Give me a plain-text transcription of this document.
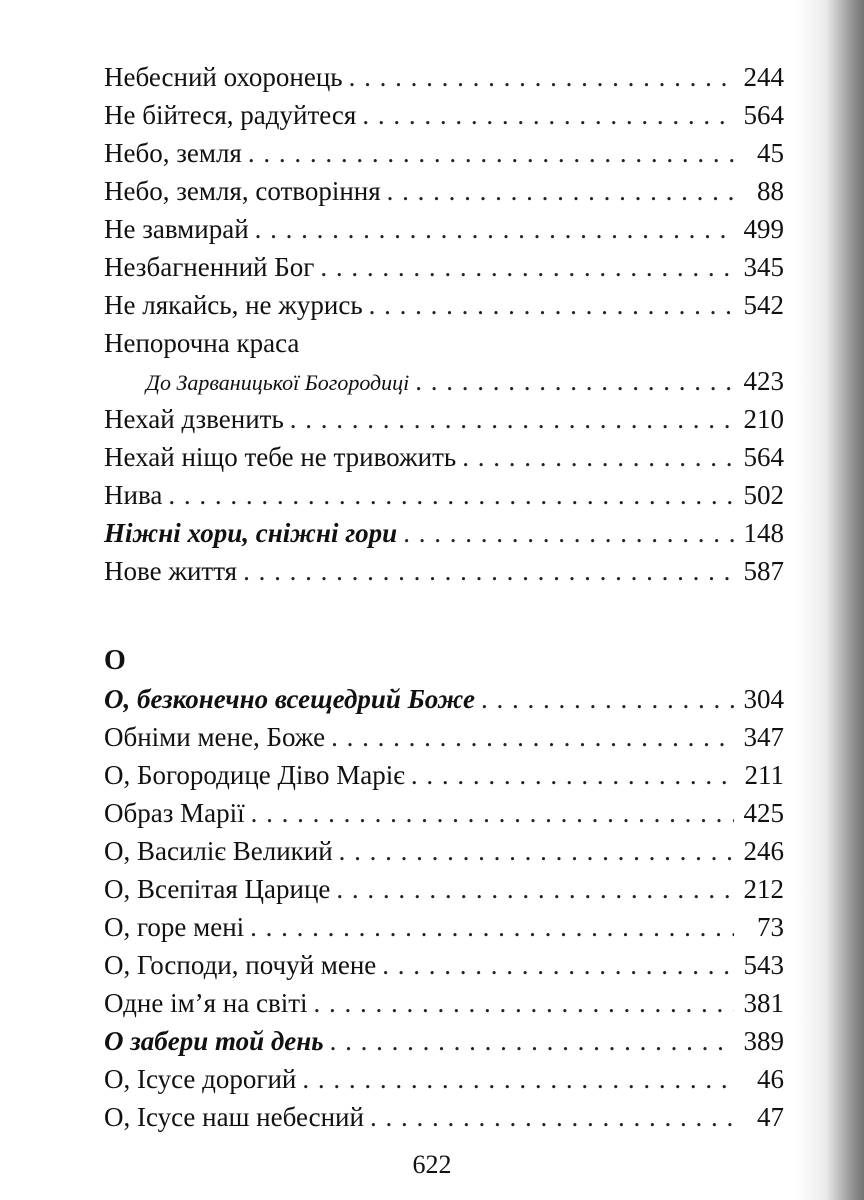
Небесний охоронець . . .	244
Не бійтеся, радуйтеся . . .	564
Небо, земля . . .	45
Небо, земля, сотворіння . . .	88
Не завмирай . . .	499
Незбагненний Бог . . .	345
Не лякайсь, не журись . . .	542
Непорочна краса
До Зарваницької Богородиці . . .	423
Нехай дзвенить . . .	210
Нехай ніщо тебе не тривожить . . .	564
Нива . . .	502
Ніжні хори, сніжні гори . . .	148
Нове життя . . .	587
О
О, безконечно всещедрий Боже . . .	304
Обніми мене, Боже . . .	347
О, Богородице Діво Маріє . . .	211
Образ Марії . . .	425
О, Василіє Великий . . .	246
О, Всепітая Царице . . .	212
О, горе мені . . .	73
О, Господи, почуй мене . . .	543
Одне ім’я на світі . . .	381
О забери той день . . .	389
О, Ісусе дорогий . . .	46
О, Ісусе наш небесний . . .	47
622
